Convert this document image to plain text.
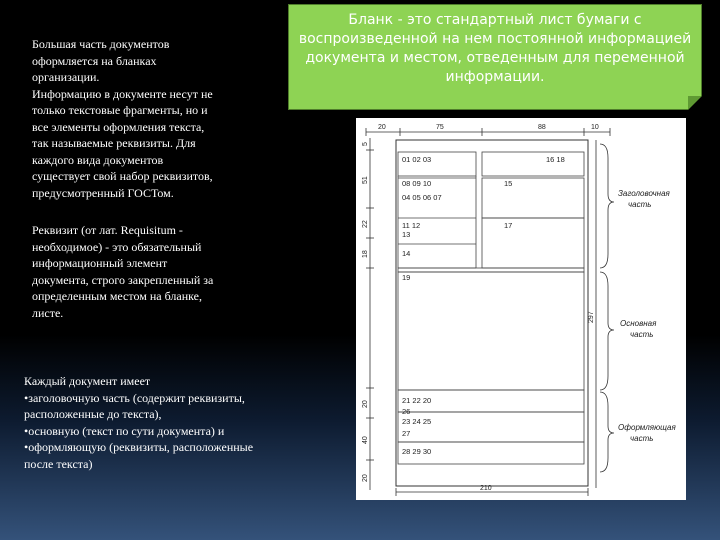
Большая часть документов
оформляется на бланках
организации.
Информацию в документе несут не
только текстовые фрагменты, но и
все элементы оформления текста,
так называемые реквизиты. Для
каждого вида документов
существует свой набор реквизитов,
предусмотренный ГОСТом.

Реквизит (от лат. Requisitum -
необходимое) - это обязательный
информационный элемент
документа, строго закрепленный за
определенным местом на бланке,
листе.

Каждый документ имеет
•заголовочную часть (содержит реквизиты,
расположенные до текста),
•основную (текст по сути документа) и
•оформляющую (реквизиты, расположенные
после текста)

Бланк - это стандартный лист бумаги с воспроизведенной на нем постоянной информацией документа и местом, отведенным для переменной информации.

20	75	88	10
5
51
22
18
20
40
20
297
01 02 03	16 18
08 09 10
04 05 06 07
15
11 12	17
13
14
19
21 22 20
23 24 25
27
26
28 29 30
Заголовочная
часть
Основная
часть
Оформляющая
часть
210
